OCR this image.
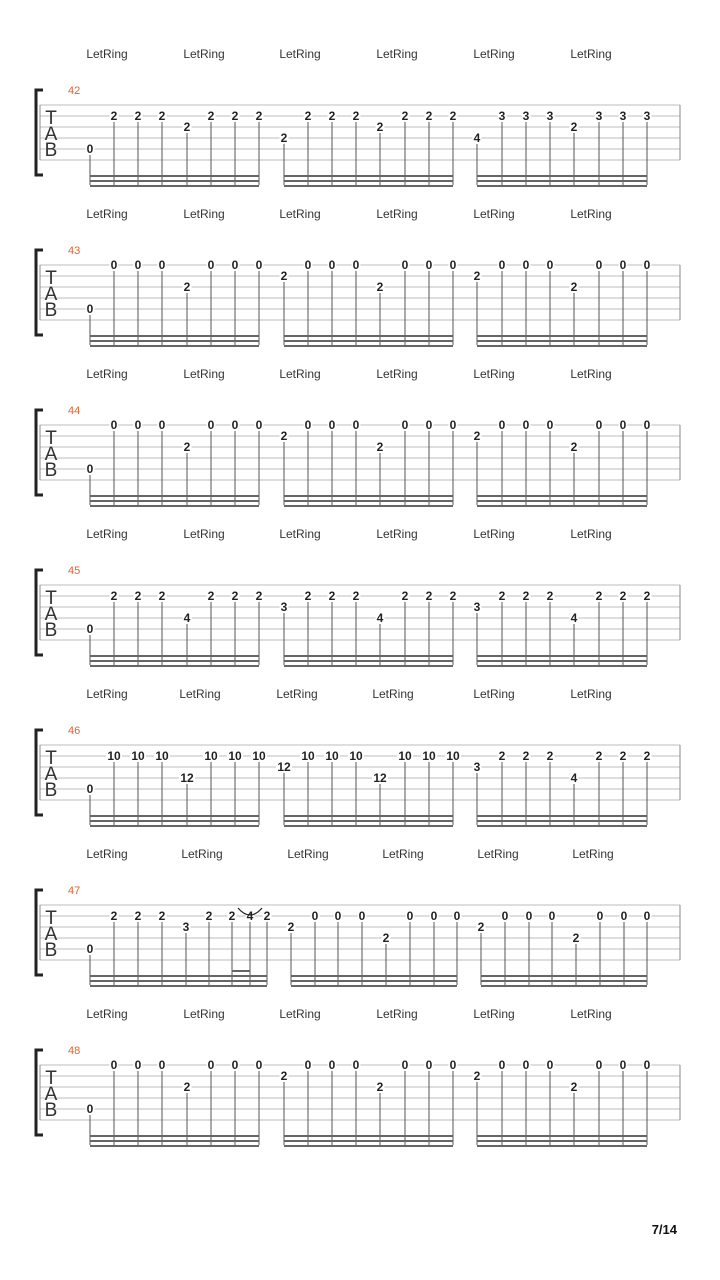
7/14
LetRing	LetRing	LetRing	LetRing	LetRing	LetRing
42
T
A
B 0
2 2 2
2
2 2 2
2
2 2 2
2
2 2 2
4
3 3 3
2
3 3 3
LetRing	LetRing	LetRing	LetRing	LetRing	LetRing
43
T
A
B 0
0 0 0
2
0 0 0
2
0 0 0
2
0 0 0
2
0 0 0
2
0 0 0
LetRing	LetRing	LetRing	LetRing	LetRing	LetRing
44
T
A
B 0
0 0 0
2
0 0 0
2
0 0 0
2
0 0 0
2
0 0 0
2
0 0 0
LetRing	LetRing	LetRing	LetRing	LetRing	LetRing
45
T
A
B 0
2 2 2
4
2 2 2
3
2 2 2
4
2 2 2
3
2 2 2
4
2 2 2
LetRing	LetRing	LetRing	LetRing	LetRing	LetRing
46
T
A
B 0
10 10 10
12
10 10 10
12
10 10 10
12
10 10 10
3
2 2 2
4
2 2 2
LetRing	LetRing	LetRing	LetRing	LetRing	LetRing
47
T
A
B 0
2 2 2
3
2 2 4 2
2
0 0 0
2
0 0 0
2
0 0 0
2
0 0 0
LetRing	LetRing	LetRing	LetRing	LetRing	LetRing
48
T
A
B 0
0 0 0
2
0 0 0
2
0 0 0
2
0 0 0
2
0 0 0
2
0 0 0
